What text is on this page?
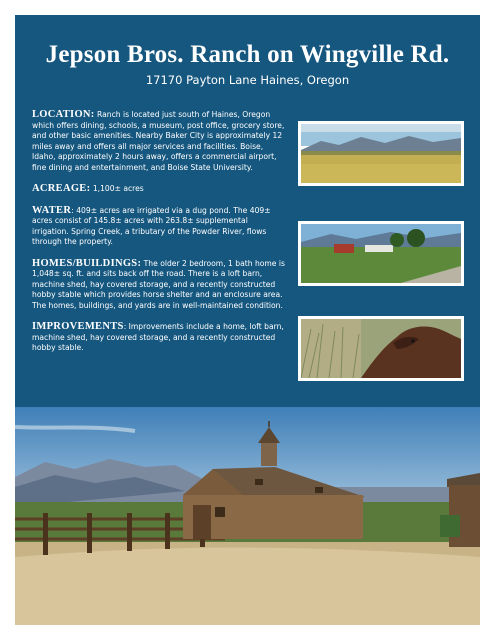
Jepson Bros. Ranch on Wingville Rd.
17170 Payton Lane Haines, Oregon

LOCATION: Ranch is located just south of Haines, Oregon which offers dining, schools, a museum, post office, grocery store, and other basic amenities. Nearby Baker City is approximately 12 miles away and offers all major services and facilities. Boise, Idaho, approximately 2 hours away, offers a commercial airport, fine dining and entertainment, and Boise State University.

ACREAGE: 1,100± acres

WATER: 409± acres are irrigated via a dug pond. The 409± acres consist of 145.8± acres with 263.8± supplemental irrigation. Spring Creek, a tributary of the Powder River, flows through the property.

HOMES/BUILDINGS: The older 2 bedroom, 1 bath home is 1,048± sq. ft. and sits back off the road. There is a loft barn, machine shed, hay covered storage, and a recently constructed hobby stable which provides horse shelter and an enclosure area. The homes, buildings, and yards are in well-maintained condition.

IMPROVEMENTS: Improvements include a home, loft barn, machine shed, hay covered storage, and a recently constructed hobby stable.
